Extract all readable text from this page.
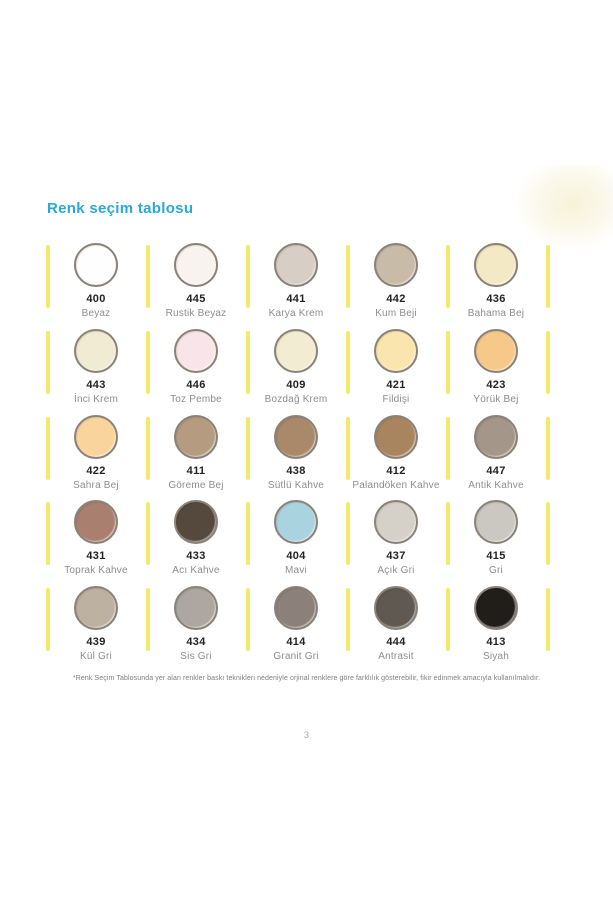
Renk seçim tablosu
400
Beyaz
445
Rustik Beyaz
441
Karya Krem
442
Kum Beji
436
Bahama Bej
443
İnci Krem
446
Toz Pembe
409
Bozdağ Krem
421
Fildişi
423
Yörük Bej
422
Sahra Bej
411
Göreme Bej
438
Sütlü Kahve
412
Palandöken Kahve
447
Antik Kahve
431
Toprak Kahve
433
Acı Kahve
404
Mavi
437
Açık Gri
415
Gri
439
Kül Gri
434
Sis Gri
414
Granit Gri
444
Antrasit
413
Siyah
*Renk Seçim Tablosunda yer alan renkler baskı teknikleri nedeniyle orjinal renklere göre farklılık gösterebilir, fikir edinmek amacıyla kullanılmalıdır.
3
